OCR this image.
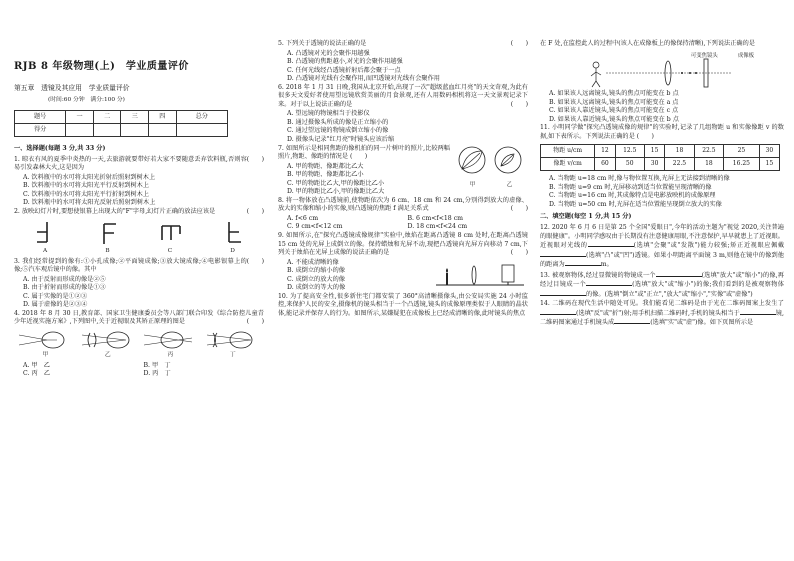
RJB 8 年级物理(上)　学业质量评价
第五章　透镜及其应用　学业质量评价
(时间:60 分钟　满分:100 分)
题号	一	二	三	四	总分
得分					
一、选择题(每题 3 分,共 33 分)
(　　)
1. 晾衣有风的夏季中炎热的一天,去旅游就要带好若大家不要随意丢弃饮料瓶,否则容易引发森林大火,这是因为
A. 饮料瓶中的水可将太阳光折射后照射到树木上
B. 饮料瓶中的水可将太阳光平行反射到树木上
C. 饮料瓶中的水可将太阳光平行折射到树木上
D. 饮料瓶中的水可将太阳光反射后照射到树木上
(　　)
2. 放映幻灯片时,要想使银幕上出现大的"F"字母,幻灯片正确的放法应该是
A	B	C	D
(　　)
3. 我们经常提到的像有:①小孔成像;②平面镜成像;③放大镜成像;④电影银幕上的像;⑤汽车观后镜中的像。其中
A. 由于反射而形成的像是②⑤
B. 由于折射而形成的像是①③
C. 属于实像的是①②③
D. 属于虚像的是②③④
4. 2018 年 8 月 30 日,教育部、国家卫生健康委员会等八部门联合印发《综合防控儿童青少年近视实施方案》,下列图中,关于近视眼及其矫正原理的图是	(　　)
甲	乙	丙	丁
A. 甲　乙	B. 甲　丁
C. 丙　乙	D. 丙　丁
(　　)
5. 下列关于透镜的说法正确的是
A. 凸透镜对光的会聚作用越强
B. 凸透镜的焦距越小,对光的会聚作用越强
C. 任何光线经凸透镜折射后都会聚于一点
D. 凸透镜对光线有会聚作用,而凹透镜对光线有会聚作用
6. 2018 年 1 月 31 日晚,我国从北京开始,出现了一次"超级蓝血红月亮"的天文奇观,为此有很多天文爱好者使用望远镜欣赏美丽的月食景观,还有人用数码相机将这一天文景观记录下来。对于以上说法正确的是	(　　)
A. 望远镜的物镜相当于投影仪
B. 通过摄像头所成的像是正立缩小的
C. 通过望远镜的物镜成倒立缩小的像
D. 摄像头记录"红月亮"时镜头应该后缩
甲	乙
7. 如图所示是相同焦距的像机拍的同一片树叶的照片,比较两幅照片,物距、像距的情况是 (　　)
A. 甲的物距、像距都比乙大
B. 甲的物距、像距都比乙小
C. 甲的物距比乙大,甲的像距比乙小
D. 甲的物距比乙小,甲的像距比乙大
8. 将一物体放在凸透镜前,使物距依次为 6 cm、18 cm 和 24 cm,分别得到放大的虚像、放大的实像和缩小的实像,则凸透镜的焦距 f 满足关系式	(　　)
A. f<6 cm	B. 6 cm<f<18 cm
C. 9 cm<f<12 cm	D. 18 cm<f<24 cm
9. 如图所示,在"探究凸透镜成像规律"实验中,烛焰在距离凸透镜 8 cm 处时,在距离凸透镜 15 cm 处的光屏上成倒立的像。保持蜡烛和光屏不动,现把凸透镜向光屏方向移动 7 cm,下列关于烛焰在光屏上成像的说法正确的是	(　　)
A. 不能成清晰的像
B. 成倒立的缩小的像
C. 成倒立的放大的像
D. 成倒立的等大的像
10. 为了提高安全性,很多新住宅门都安装了 360°高清晰摄像头,由公安局实施 24 小时监控,来保护人民的安全,摄像机的镜头相当于一个凸透镜,镜头的成像原理类似于人眼睛的晶状体,能记录并保存人的行为。如图所示,某嫌疑犯在成像板上已经成清晰的像,此时镜头的焦点
在 F 处,在监控此人的过程中(该人在成像板上的像保持清晰),下列说法正确的是
可变焦镜头	成像板
A. 如果该人远离镜头,镜头的焦点可能变在 b 点
B. 如果该人远离镜头,镜头的焦点可能变在 a 点
C. 如果该人靠近镜头,镜头的焦点可能变在 c 点
D. 如果该人靠近镜头,镜头的焦点可能变在 b 点
11. 小明同学做"探究凸透镜成像的规律"的实验时,记录了几组物距 u 和实像像距 v 的数据,如下表所示。下列说法正确的是 (　　)
物距 u/cm	12	12.5	15	18	22.5	25	30
像距 v/cm	60	50	30	22.5	18	16.25	15
A. 当物距 u=18 cm 时,像与物位置互换,光屏上无法接到清晰的像
B. 当物距 u=9 cm 时,光屏移动到适当位置能呈现清晰的像
C. 当物距 u=16 cm 时,其成像特点是电影放映机的成像原理
D. 当物距 u=50 cm 时,光屏在适当位置能呈现倒立放大的实像
二、填空题(每空 1 分,共 15 分)
12. 2020 年 6 月 6 日是第 25 个全国"爱眼日",今年的活动主题为"视觉 2020,关注普遍的眼健康"。小明同学感叹由于长期没有注意健康用眼,不注意保护,早早就患上了近视眼。近视眼对光线的	(选填"会聚"或"发散")能力较强;矫正近视眼应佩戴(选填"凸"或"凹")透镜。如果小明距离平面镜 3 m,则他在镜中的像到他的距离为	m。
13. 被观察物体,经过显微镜的物镜成一个	(选填"放大"或"缩小")的像,再经过目镜成一个	(选填"放大"或"缩小")的像;我们看到的是被观察物体的像。(选填"倒立"或"正立","放大"或"缩小","实像"或"虚像")
14. 二维码在现代生活中随处可见。我们能看见二维码是由于光在二维码图案上发生了(选填"反"或"折")射;用手机扫描二维码时,手机的镜头相当于	镜,二维码图案通过手机镜头成	(选填"实"或"虚")像。如下页图所示是
